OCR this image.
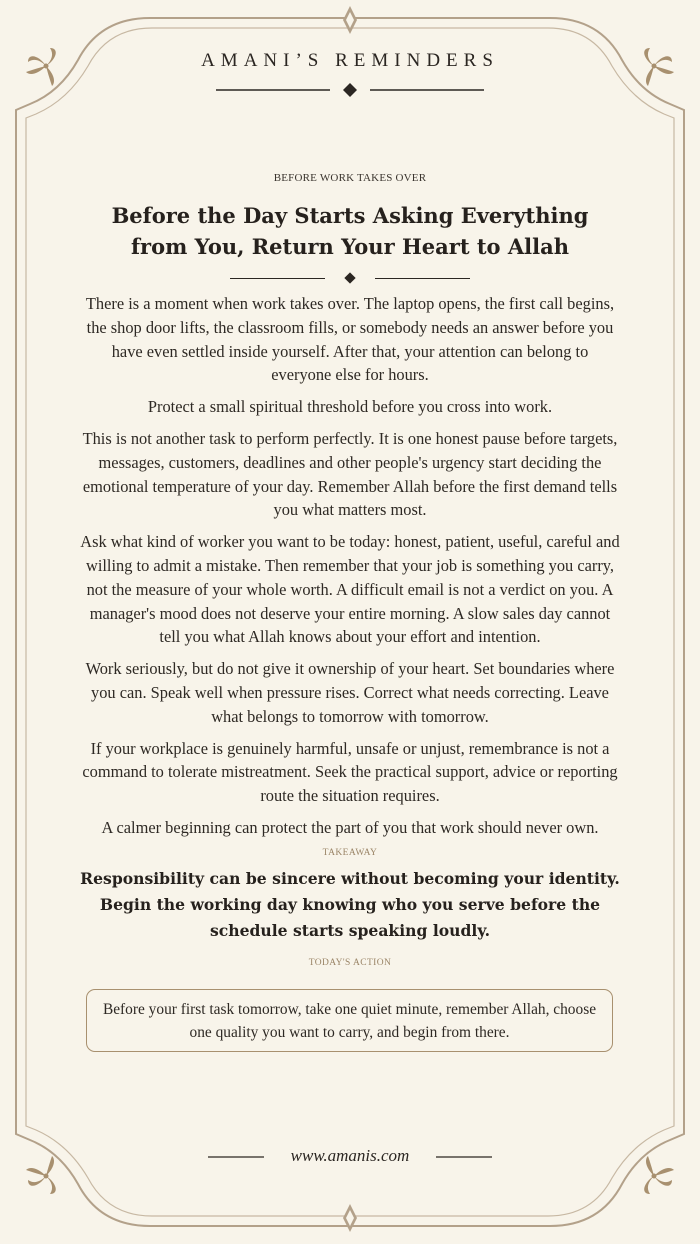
AMANI’S REMINDERS
BEFORE WORK TAKES OVER
Before the Day Starts Asking Everything from You, Return Your Heart to Allah

There is a moment when work takes over. The laptop opens, the first call begins, the shop door lifts, the classroom fills, or somebody needs an answer before you have even settled inside yourself. After that, your attention can belong to everyone else for hours.

Protect a small spiritual threshold before you cross into work.

This is not another task to perform perfectly. It is one honest pause before targets, messages, customers, deadlines and other people's urgency start deciding the emotional temperature of your day. Remember Allah before the first demand tells you what matters most.

Ask what kind of worker you want to be today: honest, patient, useful, careful and willing to admit a mistake. Then remember that your job is something you carry, not the measure of your whole worth. A difficult email is not a verdict on you. A manager's mood does not deserve your entire morning. A slow sales day cannot tell you what Allah knows about your effort and intention.

Work seriously, but do not give it ownership of your heart. Set boundaries where you can. Speak well when pressure rises. Correct what needs correcting. Leave what belongs to tomorrow with tomorrow.

If your workplace is genuinely harmful, unsafe or unjust, remembrance is not a command to tolerate mistreatment. Seek the practical support, advice or reporting route the situation requires.

A calmer beginning can protect the part of you that work should never own.

TAKEAWAY
Responsibility can be sincere without becoming your identity. Begin the working day knowing who you serve before the schedule starts speaking loudly.
TODAY'S ACTION
Before your first task tomorrow, take one quiet minute, remember Allah, choose one quality you want to carry, and begin from there.
www.amanis.com
